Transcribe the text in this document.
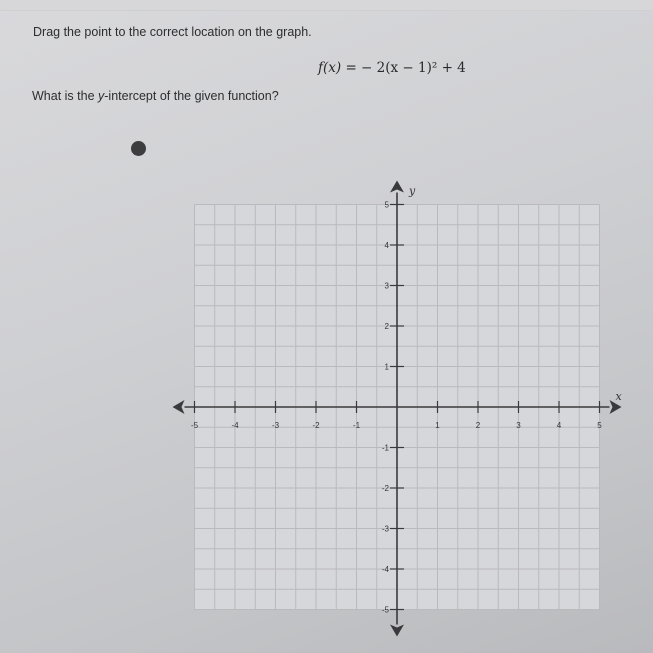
Drag the point to the correct location on the graph.
f(x) = − 2(x − 1)² + 4
What is the y-intercept of the given function?
-5	-4	-3	-2	-1	1	2	3	4	5
5
4
3
2
1
-1
-2
-3
-4
-5
x
y
